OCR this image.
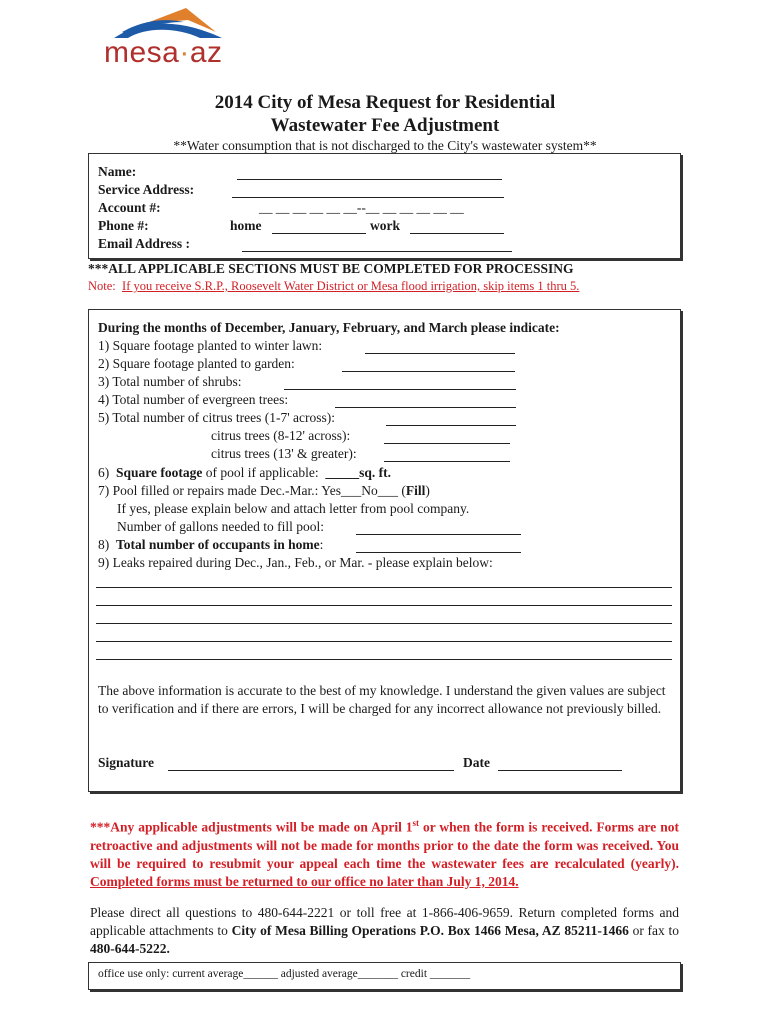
mesa·az
2014 City of Mesa Request for Residential
Wastewater Fee Adjustment
**Water consumption that is not discharged to the City's wastewater system**
Name:
Service Address:
Account #:	__ __ __ __ __ __--__ __ __ __ __ __
Phone #:	home	work
Email Address :
***ALL APPLICABLE SECTIONS MUST BE COMPLETED FOR PROCESSING
Note: If you receive S.R.P., Roosevelt Water District or Mesa flood irrigation, skip items 1 thru 5.
During the months of December, January, February, and March please indicate:
1) Square footage planted to winter lawn:
2) Square footage planted to garden:
3) Total number of shrubs:
4) Total number of evergreen trees:
5) Total number of citrus trees (1-7' across):
citrus trees (8-12' across):
citrus trees (13' & greater):
6) Square footage of pool if applicable: _____sq. ft.
7) Pool filled or repairs made Dec.-Mar.: Yes___No___ (Fill)
If yes, please explain below and attach letter from pool company.
Number of gallons needed to fill pool:
8) Total number of occupants in home:
9) Leaks repaired during Dec., Jan., Feb., or Mar. - please explain below:
The above information is accurate to the best of my knowledge. I understand the given values are subject to verification and if there are errors, I will be charged for any incorrect allowance not previously billed.
Signature	Date
***Any applicable adjustments will be made on April 1st or when the form is received. Forms are not retroactive and adjustments will not be made for months prior to the date the form was received. You will be required to resubmit your appeal each time the wastewater fees are recalculated (yearly). Completed forms must be returned to our office no later than July 1, 2014.
Please direct all questions to 480-644-2221 or toll free at 1-866-406-9659. Return completed forms and applicable attachments to City of Mesa Billing Operations P.O. Box 1466 Mesa, AZ 85211-1466 or fax to 480-644-5222.
office use only: current average______ adjusted average_______ credit _______
